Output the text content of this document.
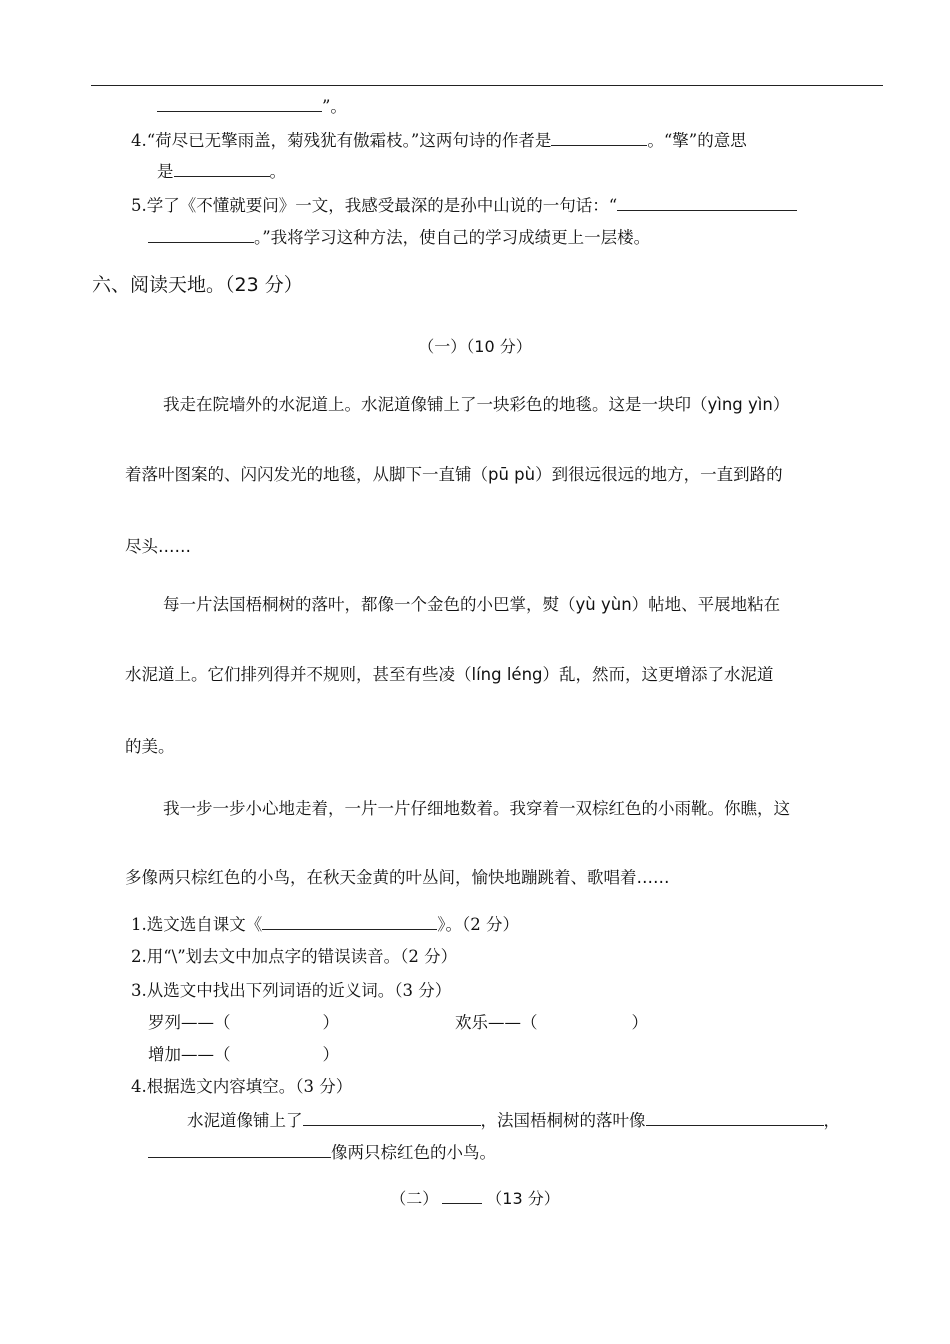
”。
4.“荷尽已无擎雨盖，菊残犹有傲霜枝。”这两句诗的作者是	。“擎”的意思
是	。
5.学了《不懂就要问》一文，我感受最深的是孙中山说的一句话：“
。”我将学习这种方法，使自己的学习成绩更上一层楼。
六、阅读天地。（23 分）
（一）（10 分）
我走在院墙外的水泥道上。水泥道像铺上了一块彩色的地毯。这是一块印（yìng yìn）
着落叶图案的、闪闪发光的地毯，从脚下一直铺（pū pù）到很远很远的地方，一直到路的
尽头……
每一片法国梧桐树的落叶，都像一个金色的小巴掌，熨（yù yùn）帖地、平展地粘在
水泥道上。它们排列得并不规则，甚至有些凌（líng léng）乱，然而，这更增添了水泥道
的美。
我一步一步小心地走着，一片一片仔细地数着。我穿着一双棕红色的小雨靴。你瞧，这
多像两只棕红色的小鸟，在秋天金黄的叶丛间，愉快地蹦跳着、歌唱着……
1.选文选自课文《	》。（2 分）
2.用“\”划去文中加点字的错误读音。（2 分）
3.从选文中找出下列词语的近义词。（3 分）
罗列——（	）	欢乐——（	）
增加——（	）
4.根据选文内容填空。（3 分）
水泥道像铺上了	，法国梧桐树的落叶像	，
像两只棕红色的小鸟。
（二）	（13 分）
